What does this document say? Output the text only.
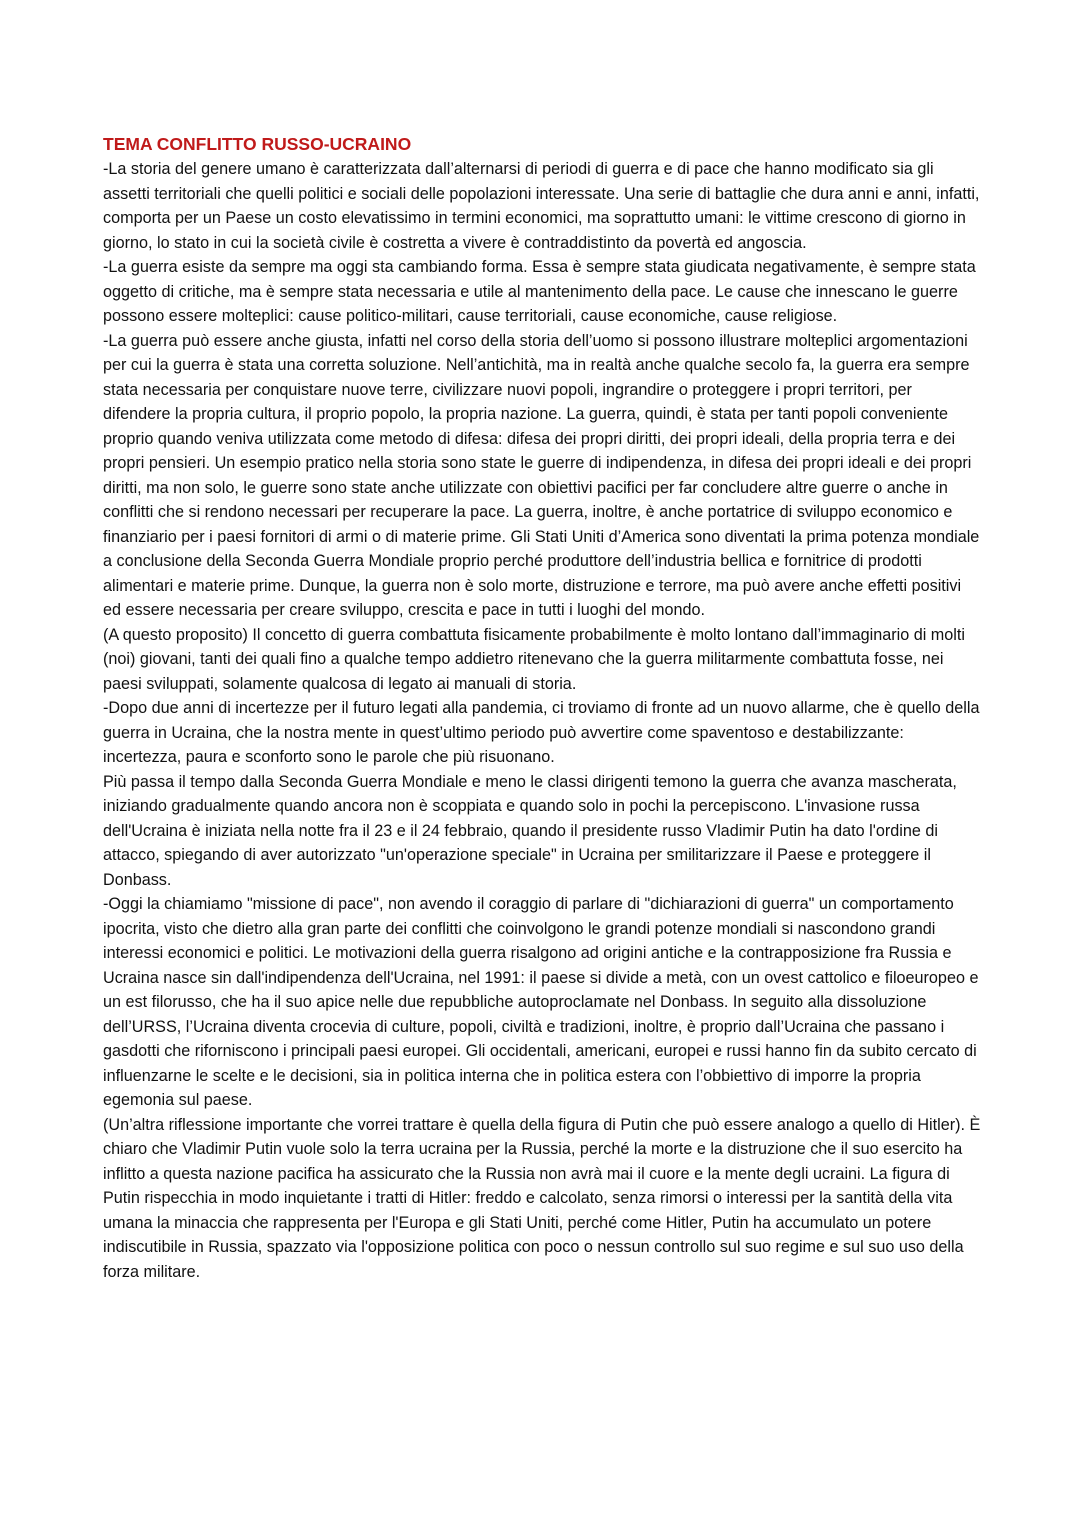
TEMA CONFLITTO RUSSO-UCRAINO

-La storia del genere umano è caratterizzata dall’alternarsi di periodi di guerra e di pace che hanno modificato sia gli assetti territoriali che quelli politici e sociali delle popolazioni interessate. Una serie di battaglie che dura anni e anni, infatti, comporta per un Paese un costo elevatissimo in termini economici, ma soprattutto umani: le vittime crescono di giorno in giorno, lo stato in cui la società civile è costretta a vivere è contraddistinto da povertà ed angoscia.

-La guerra esiste da sempre ma oggi sta cambiando forma. Essa è sempre stata giudicata negativamente, è sempre stata oggetto di critiche, ma è sempre stata necessaria e utile al mantenimento della pace. Le cause che innescano le guerre possono essere molteplici: cause politico-militari, cause territoriali, cause economiche, cause religiose.

-La guerra può essere anche giusta, infatti nel corso della storia dell’uomo si possono illustrare molteplici argomentazioni per cui la guerra è stata una corretta soluzione. Nell’antichità, ma in realtà anche qualche secolo fa, la guerra era sempre stata necessaria per conquistare nuove terre, civilizzare nuovi popoli, ingrandire o proteggere i propri territori, per difendere la propria cultura, il proprio popolo, la propria nazione. La guerra, quindi, è stata per tanti popoli conveniente proprio quando veniva utilizzata come metodo di difesa: difesa dei propri diritti, dei propri ideali, della propria terra e dei propri pensieri. Un esempio pratico nella storia sono state le guerre di indipendenza, in difesa dei propri ideali e dei propri diritti, ma non solo, le guerre sono state anche utilizzate con obiettivi pacifici per far concludere altre guerre o anche in conflitti che si rendono necessari per recuperare la pace. La guerra, inoltre, è anche portatrice di sviluppo economico e finanziario per i paesi fornitori di armi o di materie prime. Gli Stati Uniti d’America sono diventati la prima potenza mondiale a conclusione della Seconda Guerra Mondiale proprio perché produttore dell’industria bellica e fornitrice di prodotti alimentari e materie prime. Dunque, la guerra non è solo morte, distruzione e terrore, ma può avere anche effetti positivi ed essere necessaria per creare sviluppo, crescita e pace in tutti i luoghi del mondo.

(A questo proposito) Il concetto di guerra combattuta fisicamente probabilmente è molto lontano dall’immaginario di molti (noi) giovani, tanti dei quali fino a qualche tempo addietro ritenevano che la guerra militarmente combattuta fosse, nei paesi sviluppati, solamente qualcosa di legato ai manuali di storia.

-Dopo due anni di incertezze per il futuro legati alla pandemia, ci troviamo di fronte ad un nuovo allarme, che è quello della guerra in Ucraina, che la nostra mente in quest’ultimo periodo può avvertire come spaventoso e destabilizzante: incertezza, paura e sconforto sono le parole che più risuonano.

Più passa il tempo dalla Seconda Guerra Mondiale e meno le classi dirigenti temono la guerra che avanza mascherata, iniziando gradualmente quando ancora non è scoppiata e quando solo in pochi la percepiscono. L'invasione russa dell'Ucraina è iniziata nella notte fra il 23 e il 24 febbraio, quando il presidente russo Vladimir Putin ha dato l'ordine di attacco, spiegando di aver autorizzato "un'operazione speciale" in Ucraina per smilitarizzare il Paese e proteggere il Donbass.

-Oggi la chiamiamo "missione di pace", non avendo il coraggio di parlare di "dichiarazioni di guerra" un comportamento ipocrita, visto che dietro alla gran parte dei conflitti che coinvolgono le grandi potenze mondiali si nascondono grandi interessi economici e politici. Le motivazioni della guerra risalgono ad origini antiche e la contrapposizione fra Russia e Ucraina nasce sin dall'indipendenza dell'Ucraina, nel 1991: il paese si divide a metà, con un ovest cattolico e filoeuropeo e un est filorusso, che ha il suo apice nelle due repubbliche autoproclamate nel Donbass. In seguito alla dissoluzione dell’URSS, l’Ucraina diventa crocevia di culture, popoli, civiltà e tradizioni, inoltre, è proprio dall’Ucraina che passano i gasdotti che riforniscono i principali paesi europei. Gli occidentali, americani, europei e russi hanno fin da subito cercato di influenzarne le scelte e le decisioni, sia in politica interna che in politica estera con l’obbiettivo di imporre la propria egemonia sul paese.

(Un’altra riflessione importante che vorrei trattare è quella della figura di Putin che può essere analogo a quello di Hitler). È chiaro che Vladimir Putin vuole solo la terra ucraina per la Russia, perché la morte e la distruzione che il suo esercito ha inflitto a questa nazione pacifica ha assicurato che la Russia non avrà mai il cuore e la mente degli ucraini. La figura di Putin rispecchia in modo inquietante i tratti di Hitler: freddo e calcolato, senza rimorsi o interessi per la santità della vita umana la minaccia che rappresenta per l'Europa e gli Stati Uniti, perché come Hitler, Putin ha accumulato un potere indiscutibile in Russia, spazzato via l'opposizione politica con poco o nessun controllo sul suo regime e sul suo uso della forza militare.
